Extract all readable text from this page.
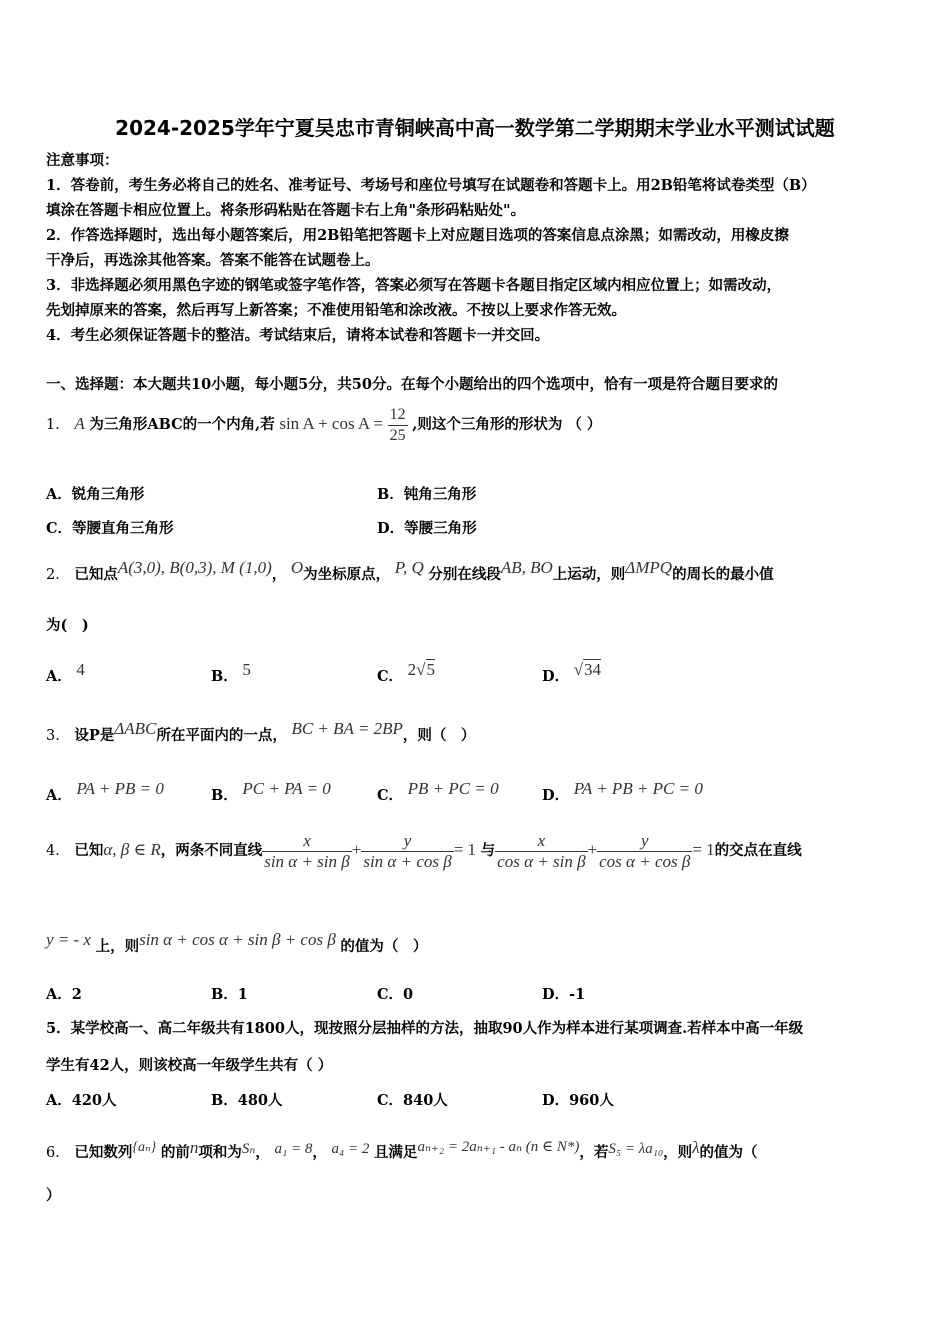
2024-2025学年宁夏吴忠市青铜峡高中高一数学第二学期期末学业水平测试试题
注意事项：
1．答卷前，考生务必将自己的姓名、准考证号、考场号和座位号填写在试题卷和答题卡上。用2B铅笔将试卷类型（B）
填涂在答题卡相应位置上。将条形码粘贴在答题卡右上角"条形码粘贴处"。
2．作答选择题时，选出每小题答案后，用2B铅笔把答题卡上对应题目选项的答案信息点涂黑；如需改动，用橡皮擦
干净后，再选涂其他答案。答案不能答在试题卷上。
3．非选择题必须用黑色字迹的钢笔或签字笔作答，答案必须写在答题卡各题目指定区域内相应位置上；如需改动，
先划掉原来的答案，然后再写上新答案；不准使用铅笔和涂改液。不按以上要求作答无效。
4．考生必须保证答题卡的整洁。考试结束后，请将本试卷和答题卡一并交回。
一、选择题：本大题共10小题，每小题5分，共50分。在每个小题给出的四个选项中，恰有一项是符合题目要求的
1． A 为三角形ABC的一个内角,若 $\sin A + \cos A = \frac{12}{25}$ ,则这个三角形的形状为 （ ）
A．锐角三角形	B．钝角三角形
C．等腰直角三角形	D．等腰三角形
2． 已知点A(3,0), B(0,3), M (1,0)， O为坐标原点， P, Q 分别在线段AB, BO上运动，则ΔMPQ的周长的最小值
为(　)
A． 4	B． 5	C． 2√5	D． √34
3． 设P是ΔABC所在平面内的一点， BC + BA = 2BP，则（　）
A． PA + PB = 0	B． PC + PA = 0	C． PB + PC = 0	D． PA + PB + PC = 0
4． 已知α, β ∈ R，两条不同直线 $\frac{x}{\text{sin α + sin β}} + \frac{y}{\text{sin α + cos β}} = 1$ 与 $\frac{x}{\text{cos α + sin β}} + \frac{y}{\text{cos α + cos β}} = 1$的交点在直线
y = - x 上，则sin α + cos α + sin β + cos β 的值为（　）
A．2	B．1	C．0	D．-1
5．某学校高一、高二年级共有1800人，现按照分层抽样的方法，抽取90人作为样本进行某项调查.若样本中高一年级
学生有42人，则该校高一年级学生共有（ ）
A．420人	B．480人	C．840人	D．960人
6． 已知数列{aₙ} 的前n项和为Sₙ， a₁ = 8， a₄ = 2 且满足aₙ₊₂ = 2aₙ₊₁ - aₙ (n ∈ N*)，若S₅ = λa₁₀，则λ的值为（
）
